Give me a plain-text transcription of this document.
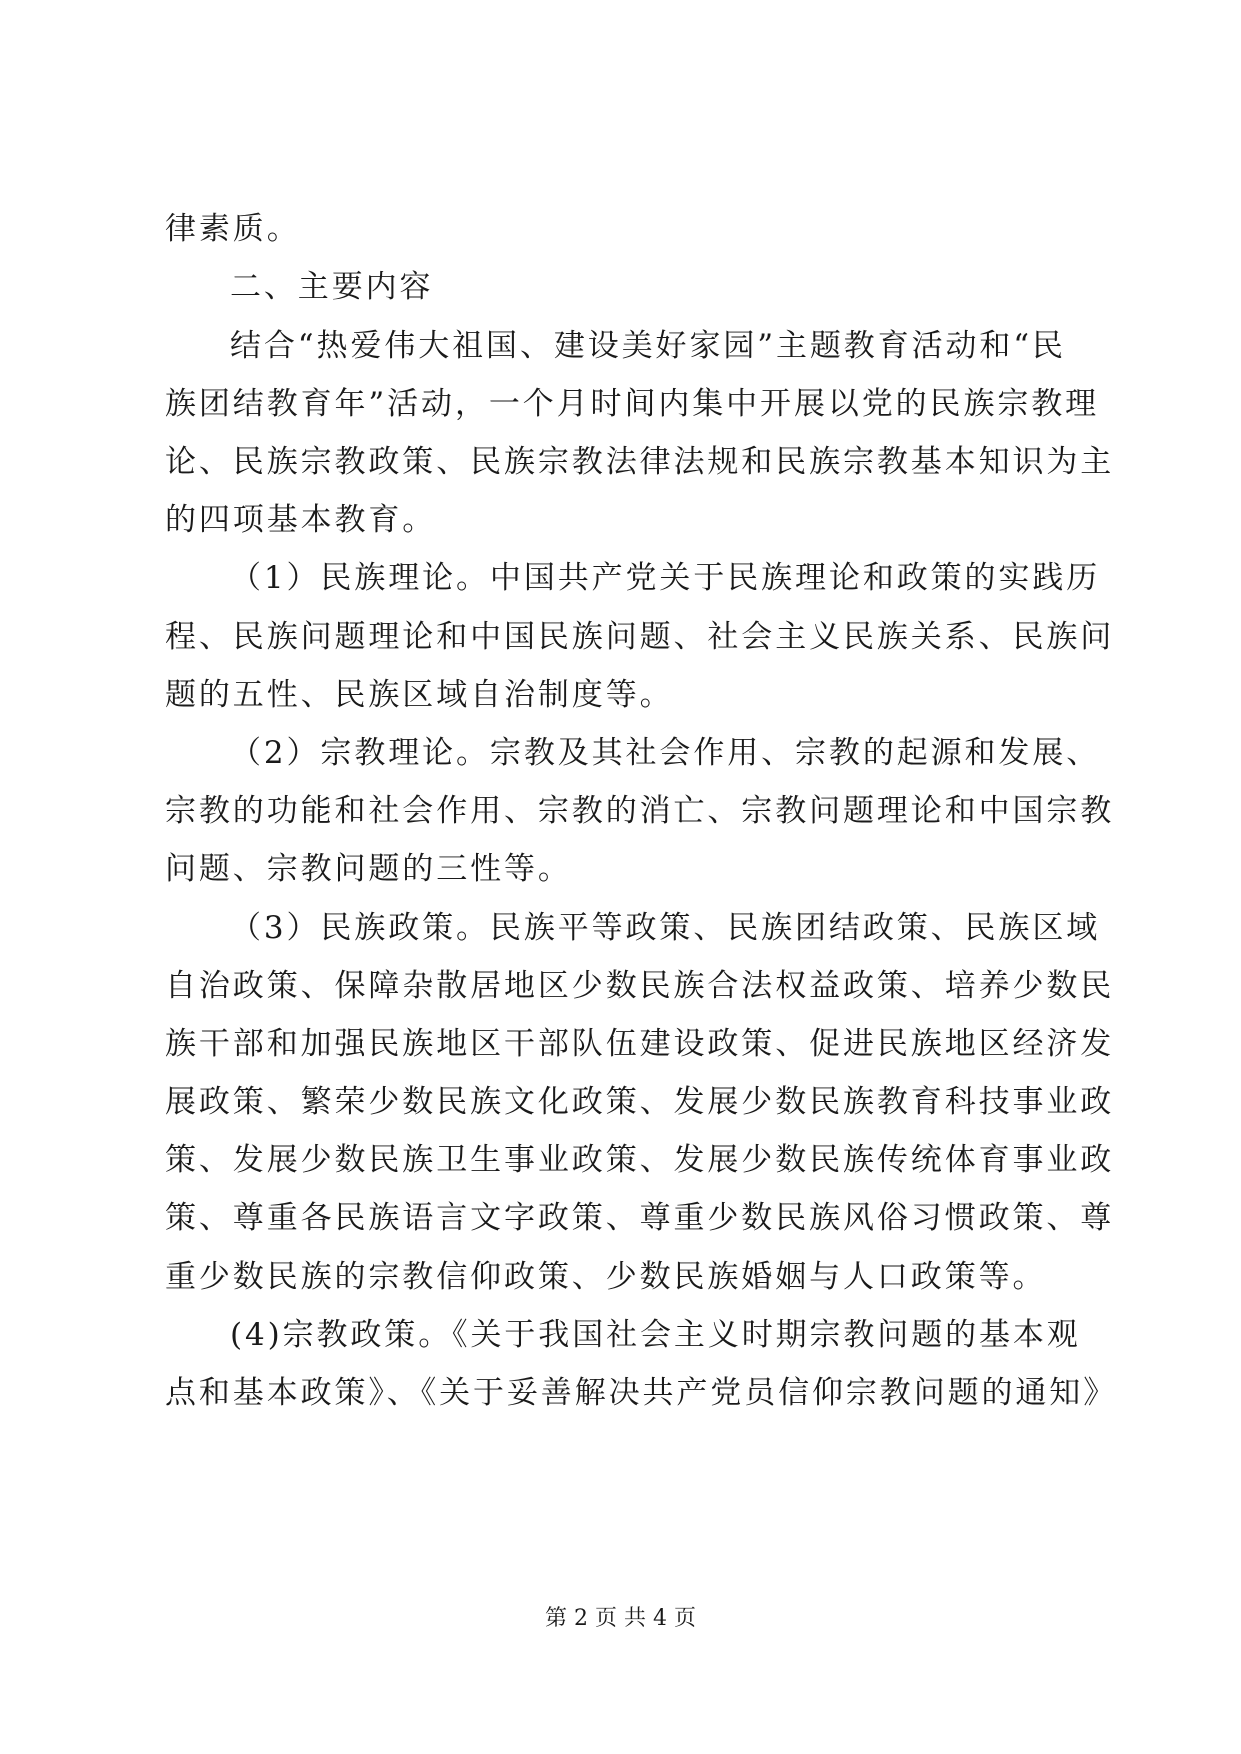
律素质。
二、主要内容
结合“热爱伟大祖国、建设美好家园”主题教育活动和“民
族团结教育年”活动，一个月时间内集中开展以党的民族宗教理
论、民族宗教政策、民族宗教法律法规和民族宗教基本知识为主
的四项基本教育。
（1）民族理论。中国共产党关于民族理论和政策的实践历
程、民族问题理论和中国民族问题、社会主义民族关系、民族问
题的五性、民族区域自治制度等。
（2）宗教理论。宗教及其社会作用、宗教的起源和发展、
宗教的功能和社会作用、宗教的消亡、宗教问题理论和中国宗教
问题、宗教问题的三性等。
（3）民族政策。民族平等政策、民族团结政策、民族区域
自治政策、保障杂散居地区少数民族合法权益政策、培养少数民
族干部和加强民族地区干部队伍建设政策、促进民族地区经济发
展政策、繁荣少数民族文化政策、发展少数民族教育科技事业政
策、发展少数民族卫生事业政策、发展少数民族传统体育事业政
策、尊重各民族语言文字政策、尊重少数民族风俗习惯政策、尊
重少数民族的宗教信仰政策、少数民族婚姻与人口政策等。
(4)宗教政策。《关于我国社会主义时期宗教问题的基本观
点和基本政策》、《关于妥善解决共产党员信仰宗教问题的通知》
第 2 页 共 4 页
